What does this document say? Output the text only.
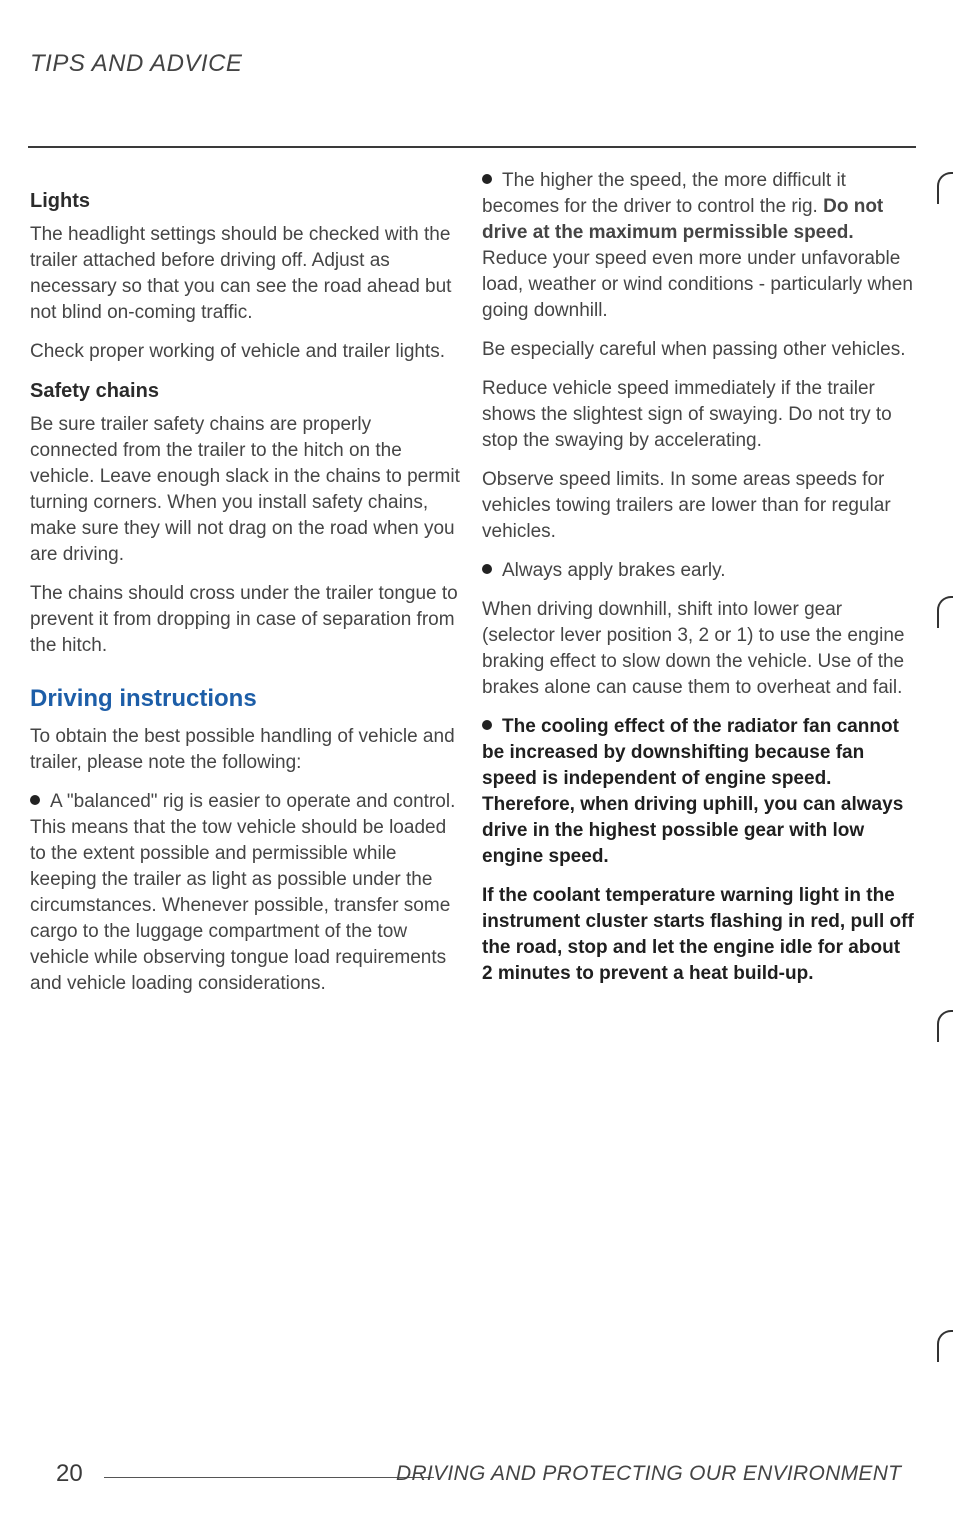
TIPS AND ADVICE
Lights

The headlight settings should be checked with the trailer attached before driving off. Adjust as necessary so that you can see the road ahead but not blind on-coming traffic.

Check proper working of vehicle and trailer lights.

Safety chains

Be sure trailer safety chains are properly connected from the trailer to the hitch on the vehicle. Leave enough slack in the chains to permit turning corners. When you install safety chains, make sure they will not drag on the road when you are driving.

The chains should cross under the trailer tongue to prevent it from dropping in case of separation from the hitch.

Driving instructions

To obtain the best possible handling of vehicle and trailer, please note the following:

A "balanced" rig is easier to operate and control. This means that the tow vehicle should be loaded to the extent possible and permissible while keeping the trailer as light as possible under the circumstances. Whenever possible, transfer some cargo to the luggage compartment of the tow vehicle while observing tongue load requirements and vehicle loading considerations.

The higher the speed, the more difficult it becomes for the driver to control the rig. Do not drive at the maximum permissible speed. Reduce your speed even more under unfavorable load, weather or wind conditions - particularly when going downhill.

Be especially careful when passing other vehicles.

Reduce vehicle speed immediately if the trailer shows the slightest sign of swaying. Do not try to stop the swaying by accelerating.

Observe speed limits. In some areas speeds for vehicles towing trailers are lower than for regular vehicles.

Always apply brakes early.

When driving downhill, shift into lower gear (selector lever position 3, 2 or 1) to use the engine braking effect to slow down the vehicle. Use of the brakes alone can cause them to overheat and fail.

The cooling effect of the radiator fan cannot be increased by downshifting because fan speed is independent of engine speed. Therefore, when driving uphill, you can always drive in the highest possible gear with low engine speed.

If the coolant temperature warning light in the instrument cluster starts flashing in red, pull off the road, stop and let the engine idle for about 2 minutes to prevent a heat build-up.

20	DRIVING AND PROTECTING OUR ENVIRONMENT
